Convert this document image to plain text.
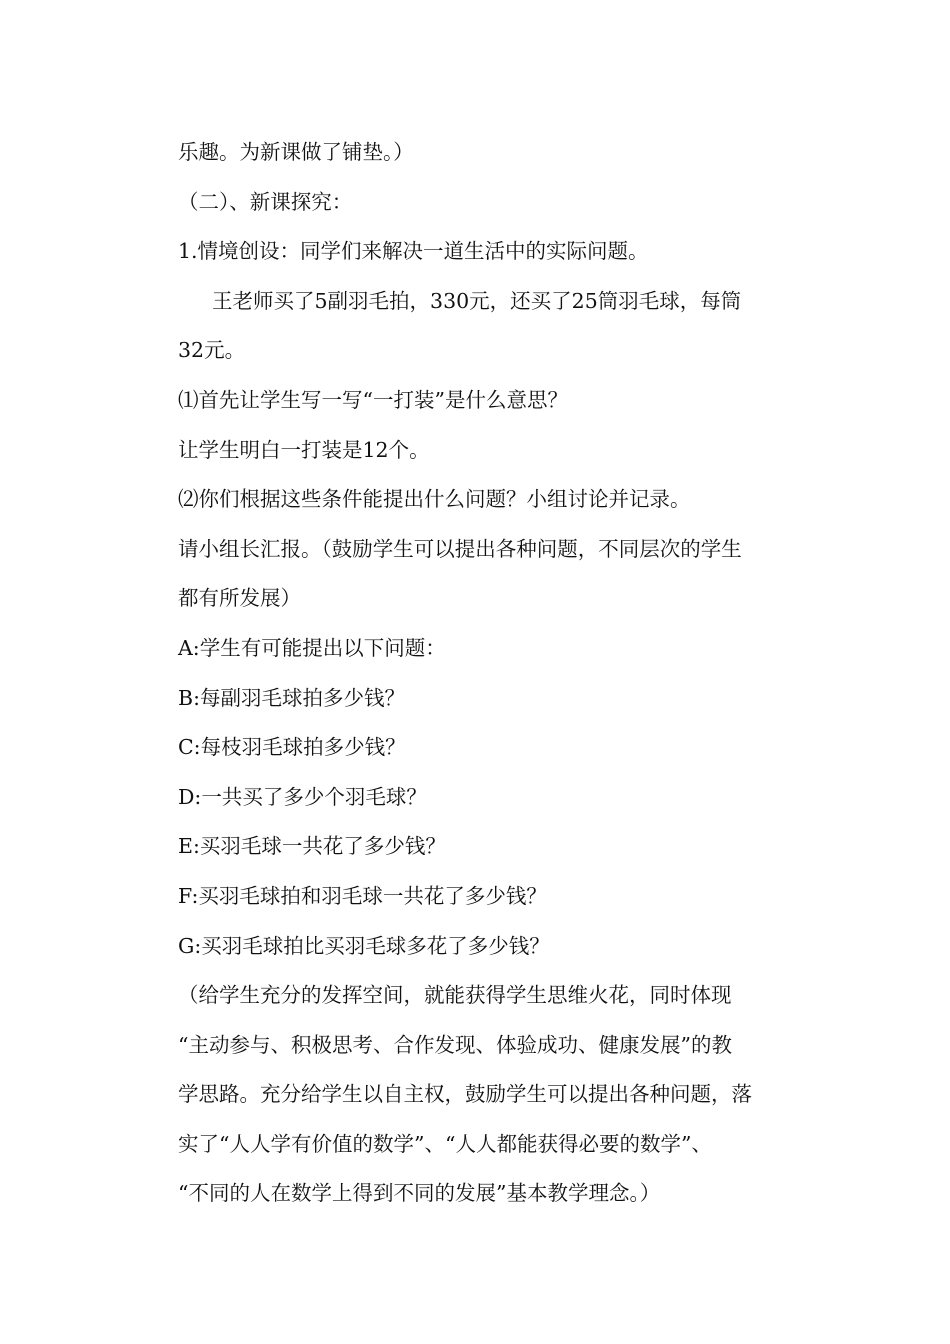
乐趣。为新课做了铺垫。）
（二）、新课探究：
1.情境创设：同学们来解决一道生活中的实际问题。
王老师买了5副羽毛拍，330元，还买了25筒羽毛球，每筒
32元。
⑴首先让学生写一写“一打装”是什么意思？
让学生明白一打装是12个。
⑵你们根据这些条件能提出什么问题？小组讨论并记录。
请小组长汇报。（鼓励学生可以提出各种问题，不同层次的学生
都有所发展）
A:学生有可能提出以下问题：
B:每副羽毛球拍多少钱？
C:每枝羽毛球拍多少钱？
D:一共买了多少个羽毛球？
E:买羽毛球一共花了多少钱？
F:买羽毛球拍和羽毛球一共花了多少钱？
G:买羽毛球拍比买羽毛球多花了多少钱？
（给学生充分的发挥空间，就能获得学生思维火花，同时体现
“主动参与、积极思考、合作发现、体验成功、健康发展”的教
学思路。充分给学生以自主权，鼓励学生可以提出各种问题，落
实了“人人学有价值的数学”、“人人都能获得必要的数学”、
“不同的人在数学上得到不同的发展”基本教学理念。）
